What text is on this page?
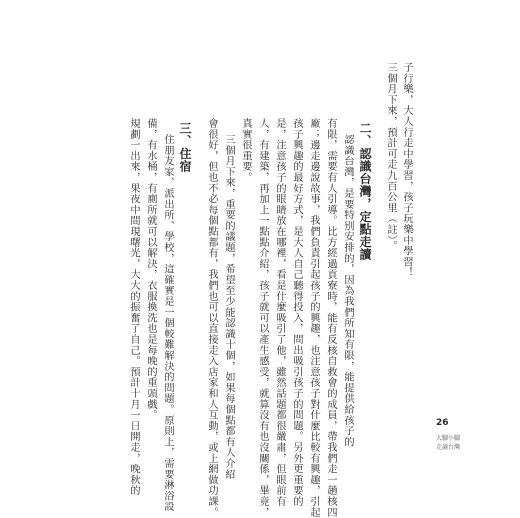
子行樂，大人行走中學習，孩子玩樂中學習！
三個月下來，預計可走九百公里（註）。
二、認識台灣，定點走讀
認識台灣，是要特別安排的，因為我們所知有限，能提供給孩子的
有限，需要有人引導。比方經過貢寮時，能有反核自救會的成員，帶我們走一趟核四
廠；邊走邊說故事，我們負責引起孩子的興趣，也注意孩子對什麼比較有興趣，引起
孩子興趣的最好方式，是大人自己聽得投入，問出吸引孩子的問題。另外更重要的
是，注意孩子的眼睛放在哪裡，看是什麼吸引了他，雖然話題都很嚴肅，但眼前有
人，有建築，再加上一點點介紹，孩子就可以產生感受，就算沒有也沒關係，畢竟，
真實很重要。
三個月下來，重要的議題，希望至少能認識十個，如果每個點都有人介紹
會很好，但也不必每個點都有，我們也可以直接走入店家和人互動，或上網做功課。
三、住宿
住朋友家、派出所、學校，這確實是一個較難解決的問題。原則上，需要淋浴設
備，有水桶，有廁所就可以解決，衣服換洗也是每晚的重頭戲。
規劃一出來，果夜中間現曙光，大大的振奮了自己。預計十月一日開走，晚秋的	26
大腳小腳
走讀台灣
